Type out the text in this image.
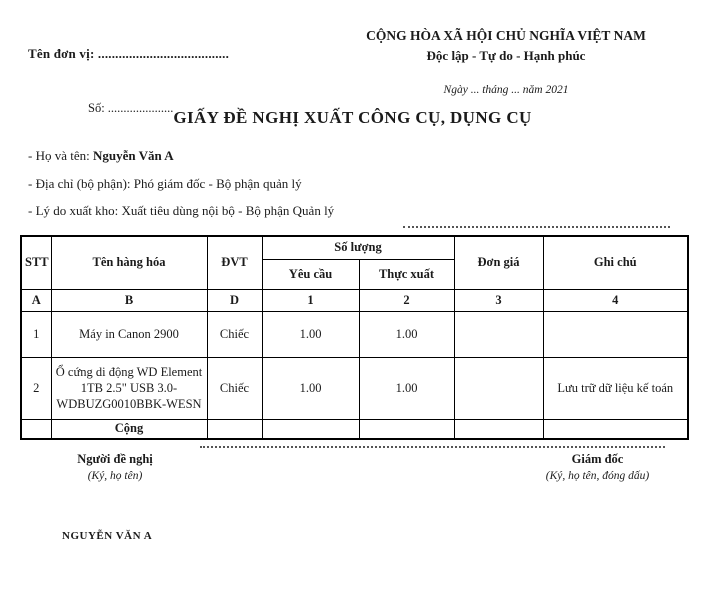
Tên đơn vị: ......................................
Số: .....................
CỘNG HÒA XÃ HỘI CHỦ NGHĨA VIỆT NAM
Độc lập - Tự do - Hạnh phúc
Ngày ... tháng ... năm 2021
GIẤY ĐỀ NGHỊ XUẤT CÔNG CỤ, DỤNG CỤ
- Họ và tên: Nguyễn Văn A
- Địa chỉ (bộ phận): Phó giám đốc - Bộ phận quản lý
- Lý do xuất kho: Xuất tiêu dùng nội bộ - Bộ phận Quản lý
STT	Tên hàng hóa	ĐVT	Số lượng		Đơn giá	Ghi chú
			Yêu cầu	Thực xuất		
A	B	D	1	2	3	4
1	Máy in Canon 2900	Chiếc	1.00	1.00		
2	Ổ cứng di động WD Element 1TB 2.5" USB 3.0-WDBUZG0010BBK-WESN	Chiếc	1.00	1.00		Lưu trữ dữ liệu kế toán
	Cộng					
Người đề nghị
(Ký, họ tên)
Giám đốc
(Ký, họ tên, đóng dấu)
NGUYỄN VĂN A
